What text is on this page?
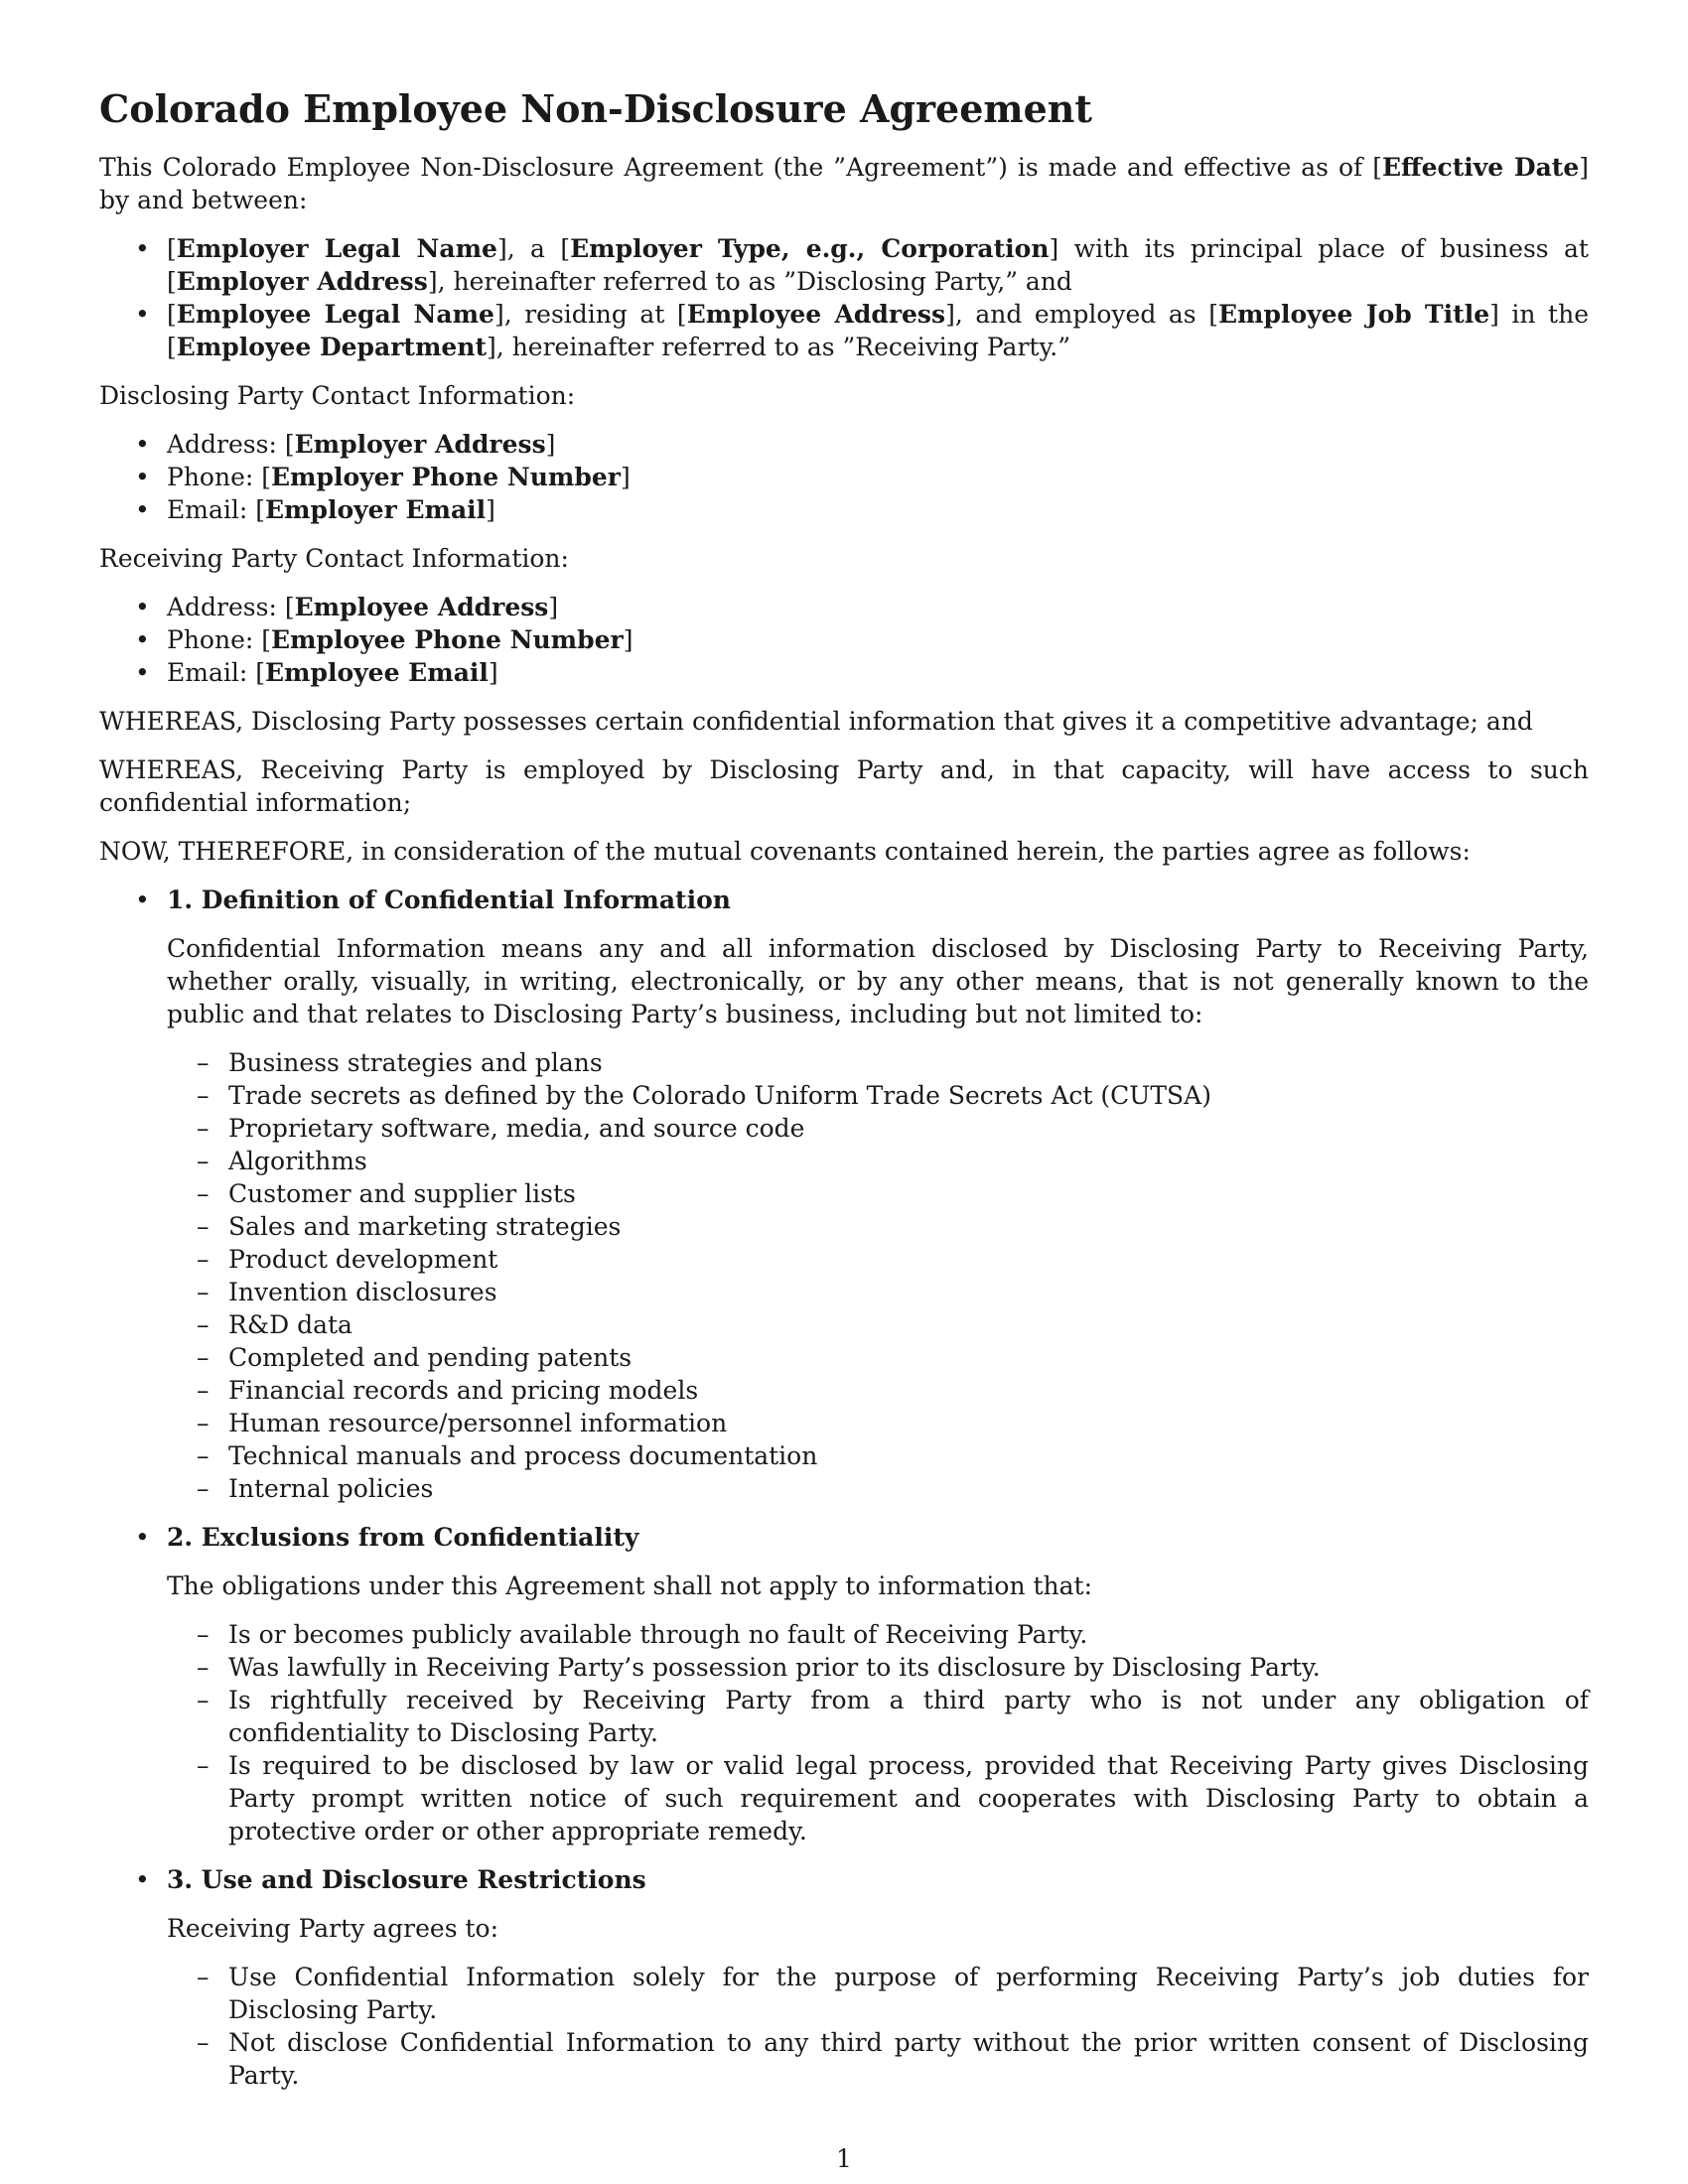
Colorado Employee Non-Disclosure Agreement

This Colorado Employee Non-Disclosure Agreement (the ”Agreement”) is made and effective as of [Effective Date] by and between:

• [Employer Legal Name], a [Employer Type, e.g., Corporation] with its principal place of business at [Employer Address], hereinafter referred to as ”Disclosing Party,” and
• [Employee Legal Name], residing at [Employee Address], and employed as [Employee Job Title] in the [Employee Department], hereinafter referred to as ”Receiving Party.”

Disclosing Party Contact Information:

• Address: [Employer Address]
• Phone: [Employer Phone Number]
• Email: [Employer Email]

Receiving Party Contact Information:

• Address: [Employee Address]
• Phone: [Employee Phone Number]
• Email: [Employee Email]

WHEREAS, Disclosing Party possesses certain confidential information that gives it a competitive advantage; and

WHEREAS, Receiving Party is employed by Disclosing Party and, in that capacity, will have access to such confidential information;

NOW, THEREFORE, in consideration of the mutual covenants contained herein, the parties agree as follows:

• 1. Definition of Confidential Information
Confidential Information means any and all information disclosed by Disclosing Party to Receiving Party, whether orally, visually, in writing, electronically, or by any other means, that is not generally known to the public and that relates to Disclosing Party’s business, including but not limited to:
– Business strategies and plans
– Trade secrets as defined by the Colorado Uniform Trade Secrets Act (CUTSA)
– Proprietary software, media, and source code
– Algorithms
– Customer and supplier lists
– Sales and marketing strategies
– Product development
– Invention disclosures
– R&D data
– Completed and pending patents
– Financial records and pricing models
– Human resource/personnel information
– Technical manuals and process documentation
– Internal policies
• 2. Exclusions from Confidentiality
The obligations under this Agreement shall not apply to information that:
– Is or becomes publicly available through no fault of Receiving Party.
– Was lawfully in Receiving Party’s possession prior to its disclosure by Disclosing Party.
– Is rightfully received by Receiving Party from a third party who is not under any obligation of confidentiality to Disclosing Party.
– Is required to be disclosed by law or valid legal process, provided that Receiving Party gives Disclosing Party prompt written notice of such requirement and cooperates with Disclosing Party to obtain a protective order or other appropriate remedy.
• 3. Use and Disclosure Restrictions
Receiving Party agrees to:
– Use Confidential Information solely for the purpose of performing Receiving Party’s job duties for Disclosing Party.
– Not disclose Confidential Information to any third party without the prior written consent of Disclosing Party.
1
